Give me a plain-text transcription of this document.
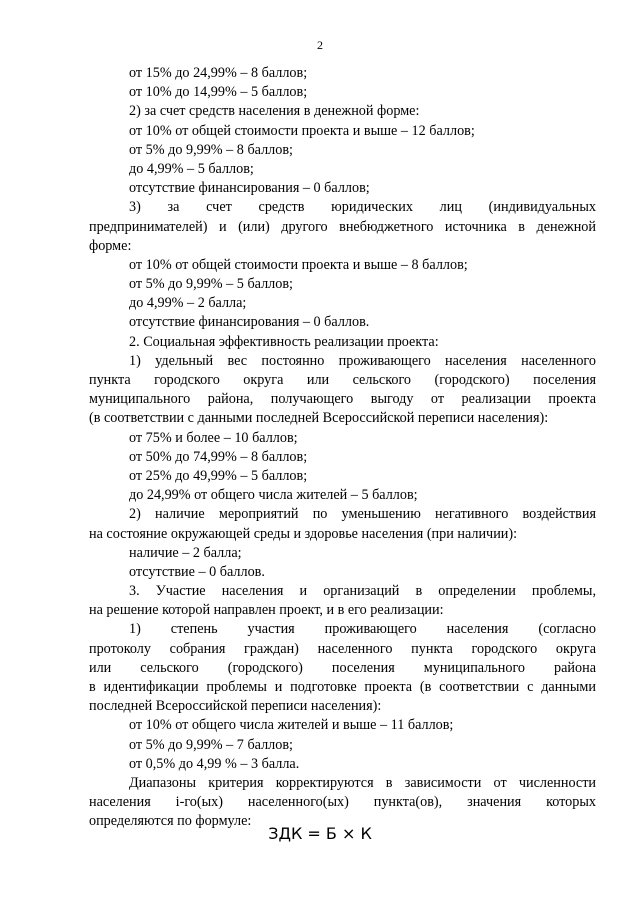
2
от 15% до 24,99% – 8 баллов;
от 10% до 14,99% – 5 баллов;
2) за счет средств населения в денежной форме:
от 10% от общей стоимости проекта и выше – 12 баллов;
от 5% до 9,99% – 8 баллов;
до 4,99% – 5 баллов;
отсутствие финансирования – 0 баллов;
3) за счет средств юридических лиц (индивидуальных
предпринимателей) и (или) другого внебюджетного источника в денежной
форме:
от 10% от общей стоимости проекта и выше – 8 баллов;
от 5% до 9,99% – 5 баллов;
до 4,99% – 2 балла;
отсутствие финансирования – 0 баллов.
2. Социальная эффективность реализации проекта:
1) удельный вес постоянно проживающего населения населенного
пункта городского округа или сельского (городского) поселения
муниципального района, получающего выгоду от реализации проекта
(в соответствии с данными последней Всероссийской переписи населения):
от 75% и более – 10 баллов;
от 50% до 74,99% – 8 баллов;
от 25% до 49,99% – 5 баллов;
до 24,99% от общего числа жителей – 5 баллов;
2) наличие мероприятий по уменьшению негативного воздействия
на состояние окружающей среды и здоровье населения (при наличии):
наличие – 2 балла;
отсутствие – 0 баллов.
3. Участие населения и организаций в определении проблемы,
на решение которой направлен проект, и в его реализации:
1) степень участия проживающего населения (согласно
протоколу собрания граждан) населенного пункта городского округа
или сельского (городского) поселения муниципального района
в идентификации проблемы и подготовке проекта (в соответствии с данными
последней Всероссийской переписи населения):
от 10% от общего числа жителей и выше – 11 баллов;
от 5% до 9,99% – 7 баллов;
от 0,5% до 4,99 % – 3 балла.
Диапазоны критерия корректируются в зависимости от численности
населения i-го(ых) населенного(ых) пункта(ов), значения которых
определяются по формуле:
ЗДК = Б × К
